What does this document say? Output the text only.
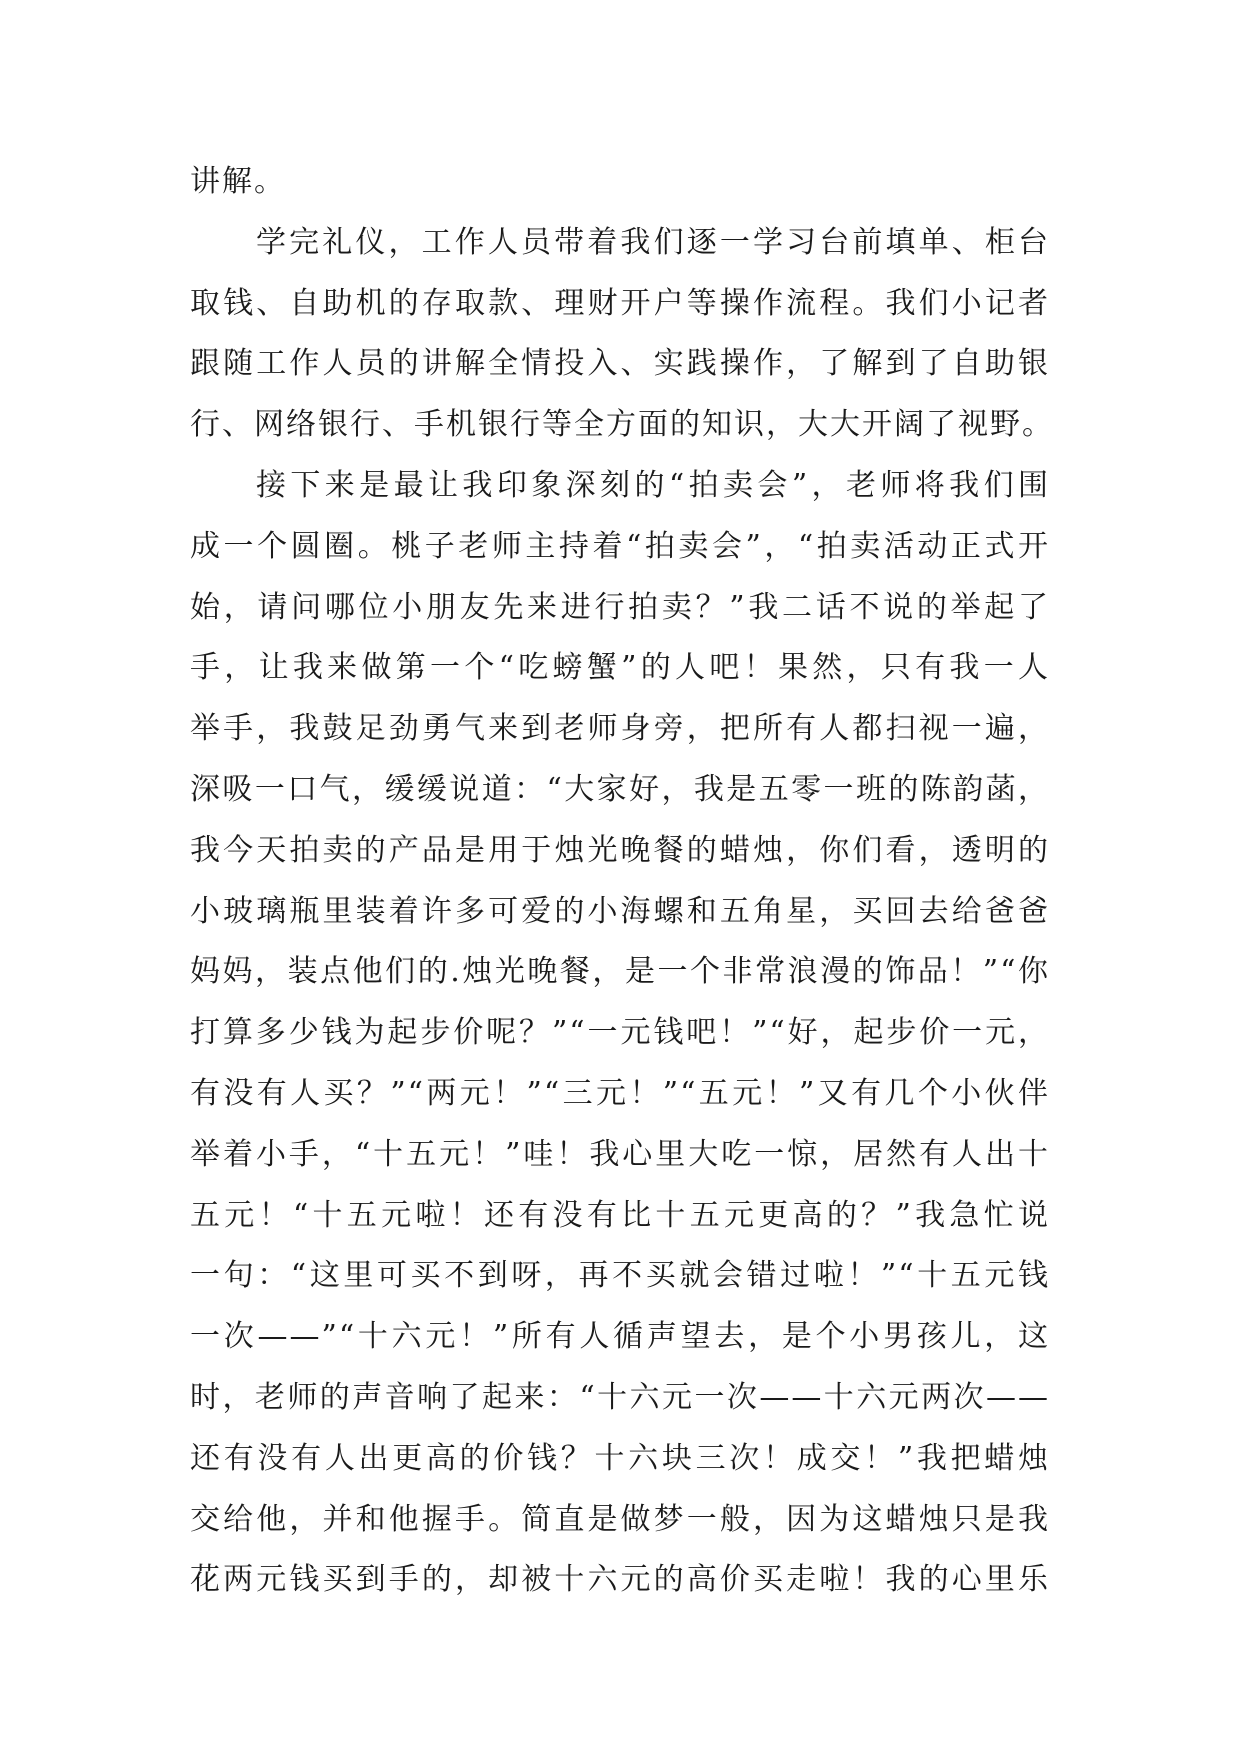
讲解。
学完礼仪，工作人员带着我们逐一学习台前填单、柜台
取钱、自助机的存取款、理财开户等操作流程。我们小记者
跟随工作人员的讲解全情投入、实践操作，了解到了自助银
行、网络银行、手机银行等全方面的知识，大大开阔了视野。
接下来是最让我印象深刻的“拍卖会”，老师将我们围
成一个圆圈。桃子老师主持着“拍卖会”，“拍卖活动正式开
始，请问哪位小朋友先来进行拍卖？”我二话不说的举起了
手，让我来做第一个“吃螃蟹”的人吧！果然，只有我一人
举手，我鼓足劲勇气来到老师身旁，把所有人都扫视一遍，
深吸一口气，缓缓说道：“大家好，我是五零一班的陈韵菡，
我今天拍卖的产品是用于烛光晚餐的蜡烛，你们看，透明的
小玻璃瓶里装着许多可爱的小海螺和五角星，买回去给爸爸
妈妈，装点他们的.烛光晚餐，是一个非常浪漫的饰品！”“你
打算多少钱为起步价呢？”“一元钱吧！”“好，起步价一元，
有没有人买？”“两元！”“三元！”“五元！”又有几个小伙伴
举着小手，“十五元！”哇！我心里大吃一惊，居然有人出十
五元！“十五元啦！还有没有比十五元更高的？”我急忙说
一句：“这里可买不到呀，再不买就会错过啦！”“十五元钱
一次——”“十六元！”所有人循声望去，是个小男孩儿，这
时，老师的声音响了起来：“十六元一次——十六元两次——
还有没有人出更高的价钱？十六块三次！成交！”我把蜡烛
交给他，并和他握手。简直是做梦一般，因为这蜡烛只是我
花两元钱买到手的，却被十六元的高价买走啦！我的心里乐
